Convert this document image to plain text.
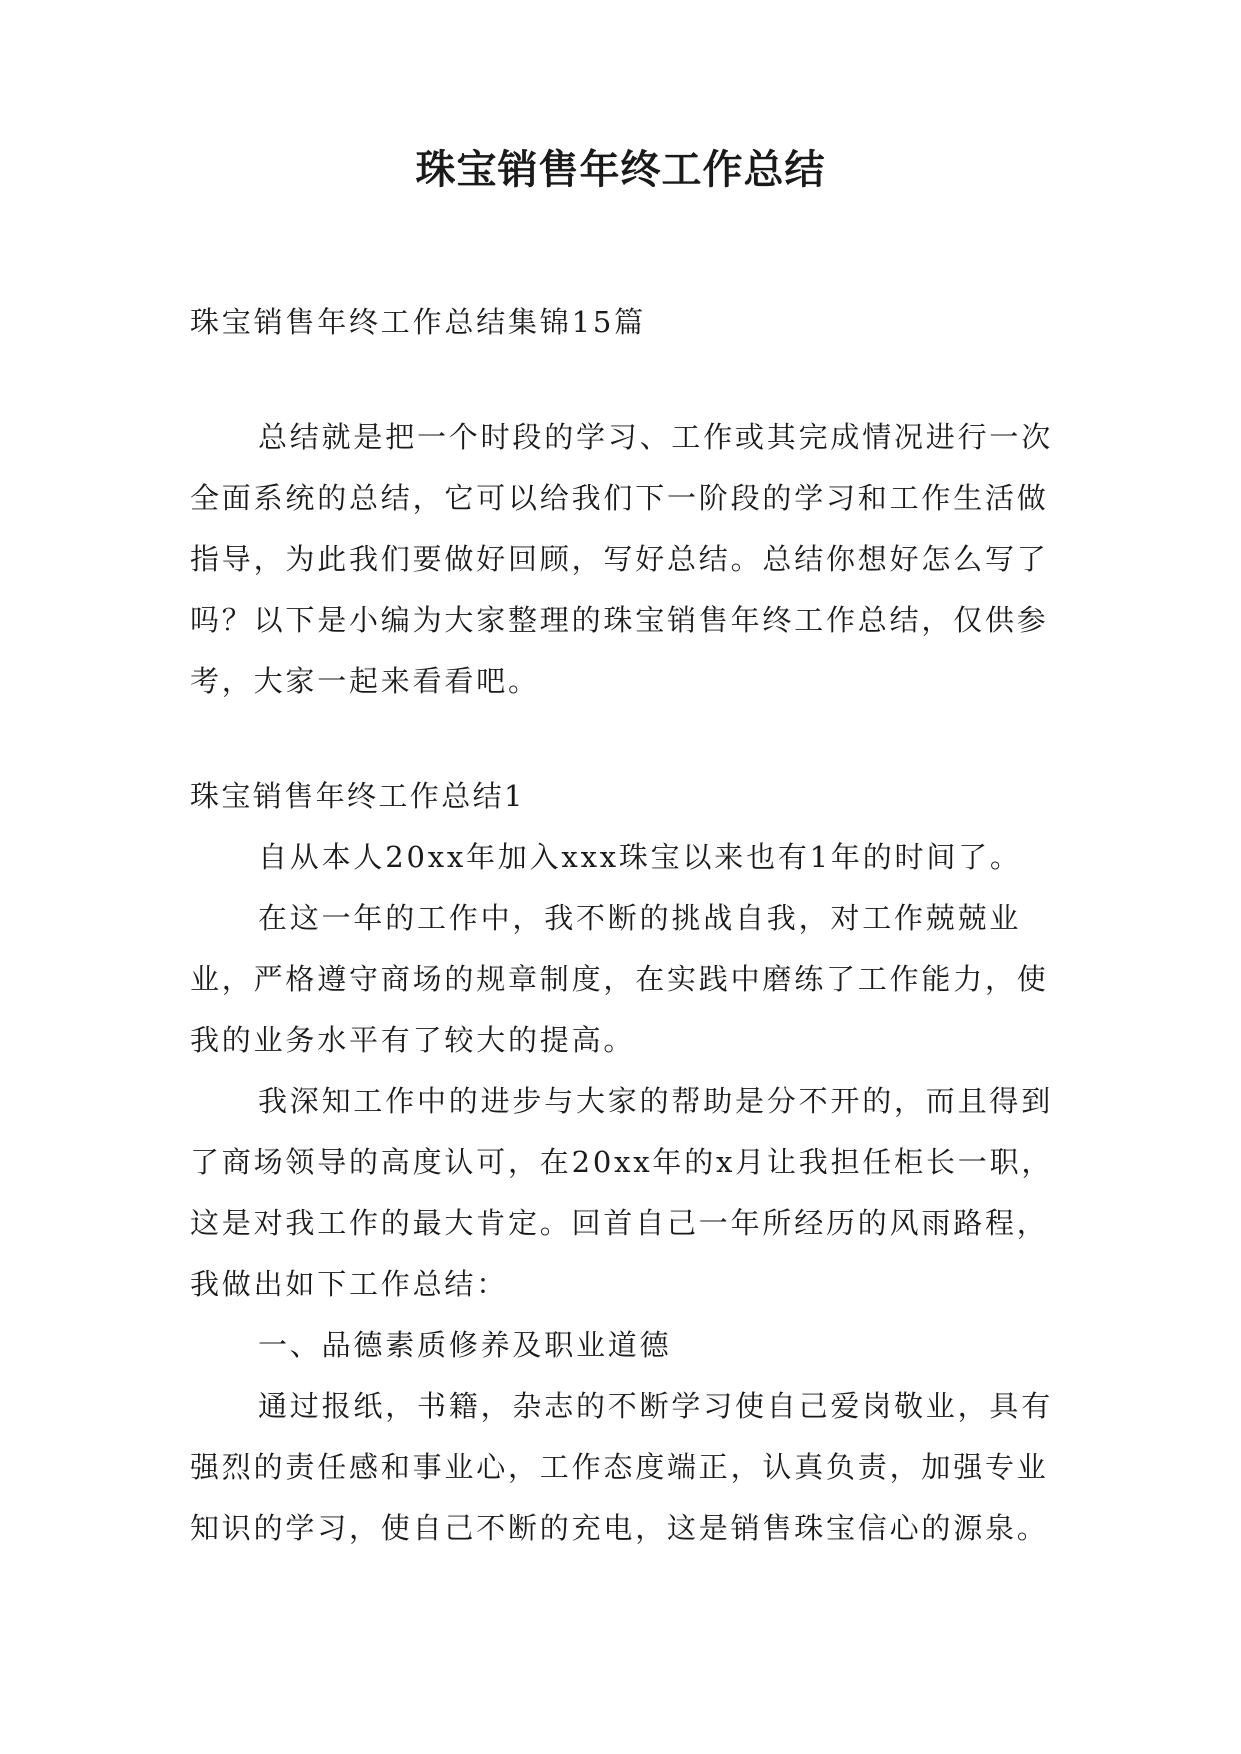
珠宝销售年终工作总结

珠宝销售年终工作总结集锦15篇

总结就是把一个时段的学习、工作或其完成情况进行一次全面系统的总结，它可以给我们下一阶段的学习和工作生活做指导，为此我们要做好回顾，写好总结。总结你想好怎么写了吗？以下是小编为大家整理的珠宝销售年终工作总结，仅供参考，大家一起来看看吧。

珠宝销售年终工作总结1

自从本人20xx年加入xxx珠宝以来也有1年的时间了。

在这一年的工作中，我不断的挑战自我，对工作兢兢业业，严格遵守商场的规章制度，在实践中磨练了工作能力，使我的业务水平有了较大的提高。

我深知工作中的进步与大家的帮助是分不开的，而且得到了商场领导的高度认可，在20xx年的x月让我担任柜长一职，这是对我工作的最大肯定。回首自己一年所经历的风雨路程，我做出如下工作总结：

一、品德素质修养及职业道德

通过报纸，书籍，杂志的不断学习使自己爱岗敬业，具有强烈的责任感和事业心，工作态度端正，认真负责，加强专业知识的学习，使自己不断的充电，这是销售珠宝信心的源泉。
